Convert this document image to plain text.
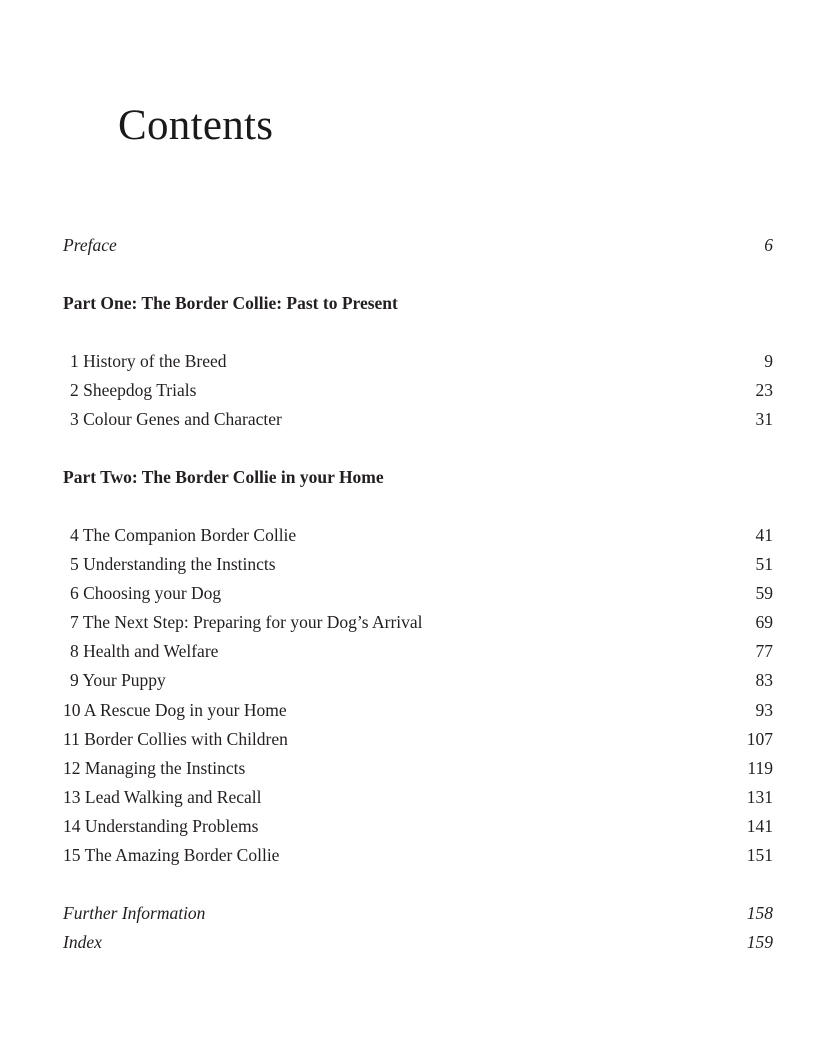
Contents
Preface	6
Part One: The Border Collie: Past to Present
1 History of the Breed	9
2 Sheepdog Trials	23
3 Colour Genes and Character	31
Part Two: The Border Collie in your Home
4 The Companion Border Collie	41
5 Understanding the Instincts	51
6 Choosing your Dog	59
7 The Next Step: Preparing for your Dog’s Arrival	69
8 Health and Welfare	77
9 Your Puppy	83
10 A Rescue Dog in your Home	93
11 Border Collies with Children	107
12 Managing the Instincts	119
13 Lead Walking and Recall	131
14 Understanding Problems	141
15 The Amazing Border Collie	151
Further Information	158
Index	159
